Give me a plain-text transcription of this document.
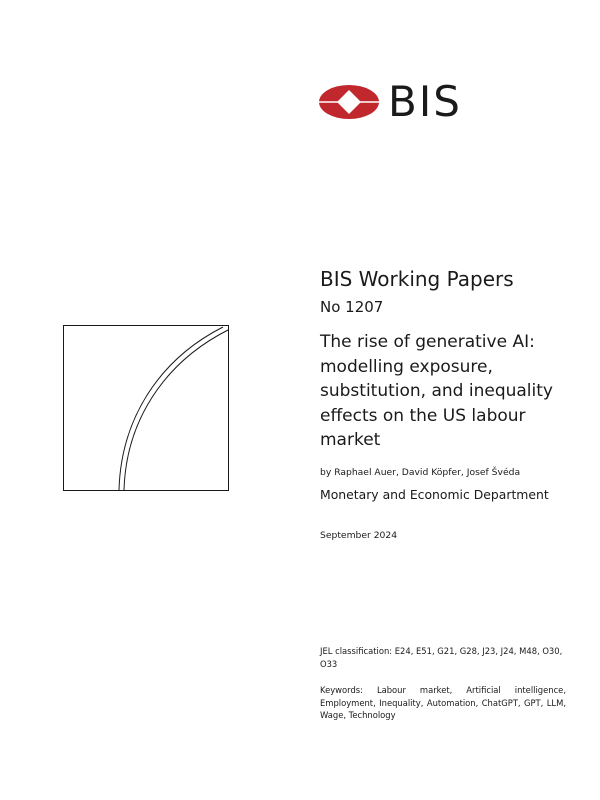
BIS
BIS Working Papers
No 1207
The rise of generative AI: modelling exposure, substitution, and inequality effects on the US labour market
by Raphael Auer, David Köpfer, Josef Švéda
Monetary and Economic Department
September 2024
JEL classification: E24, E51, G21, G28, J23, J24, M48, O30, O33
Keywords: Labour market, Artificial intelligence, Employment, Inequality, Automation, ChatGPT, GPT, LLM, Wage, Technology
